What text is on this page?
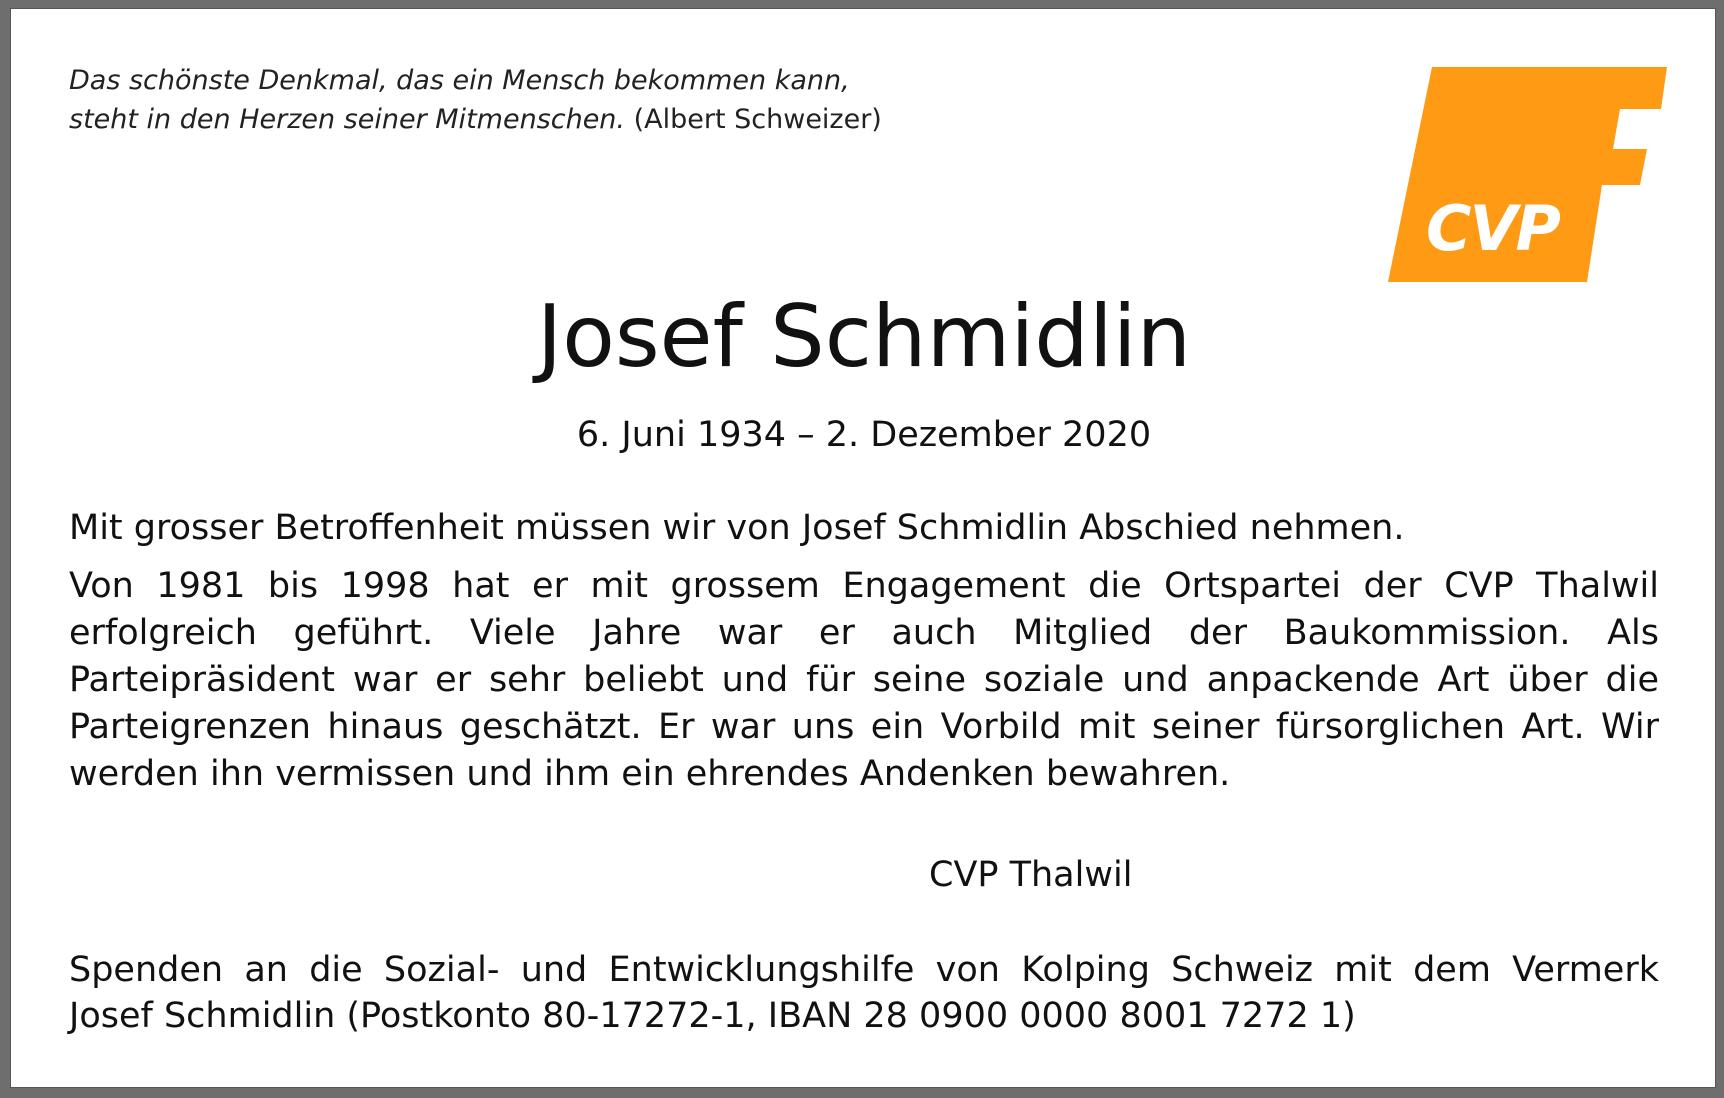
Das schönste Denkmal, das ein Mensch bekommen kann,
steht in den Herzen seiner Mitmenschen. (Albert Schweizer)
CVP
Josef Schmidlin
6. Juni 1934 – 2. Dezember 2020
Mit grosser Betroffenheit müssen wir von Josef Schmidlin Abschied nehmen.
Von 1981 bis 1998 hat er mit grossem Engagement die Ortspartei der CVP Thalwil erfolgreich geführt. Viele Jahre war er auch Mitglied der Baukommission. Als Parteipräsident war er sehr beliebt und für seine soziale und anpackende Art über die Parteigrenzen hinaus geschätzt. Er war uns ein Vorbild mit seiner fürsorglichen Art. Wir werden ihn vermissen und ihm ein ehrendes Andenken bewahren.
CVP Thalwil
Spenden an die Sozial- und Entwicklungshilfe von Kolping Schweiz mit dem Vermerk
Josef Schmidlin (Postkonto 80-17272-1, IBAN 28 0900 0000 8001 7272 1)
